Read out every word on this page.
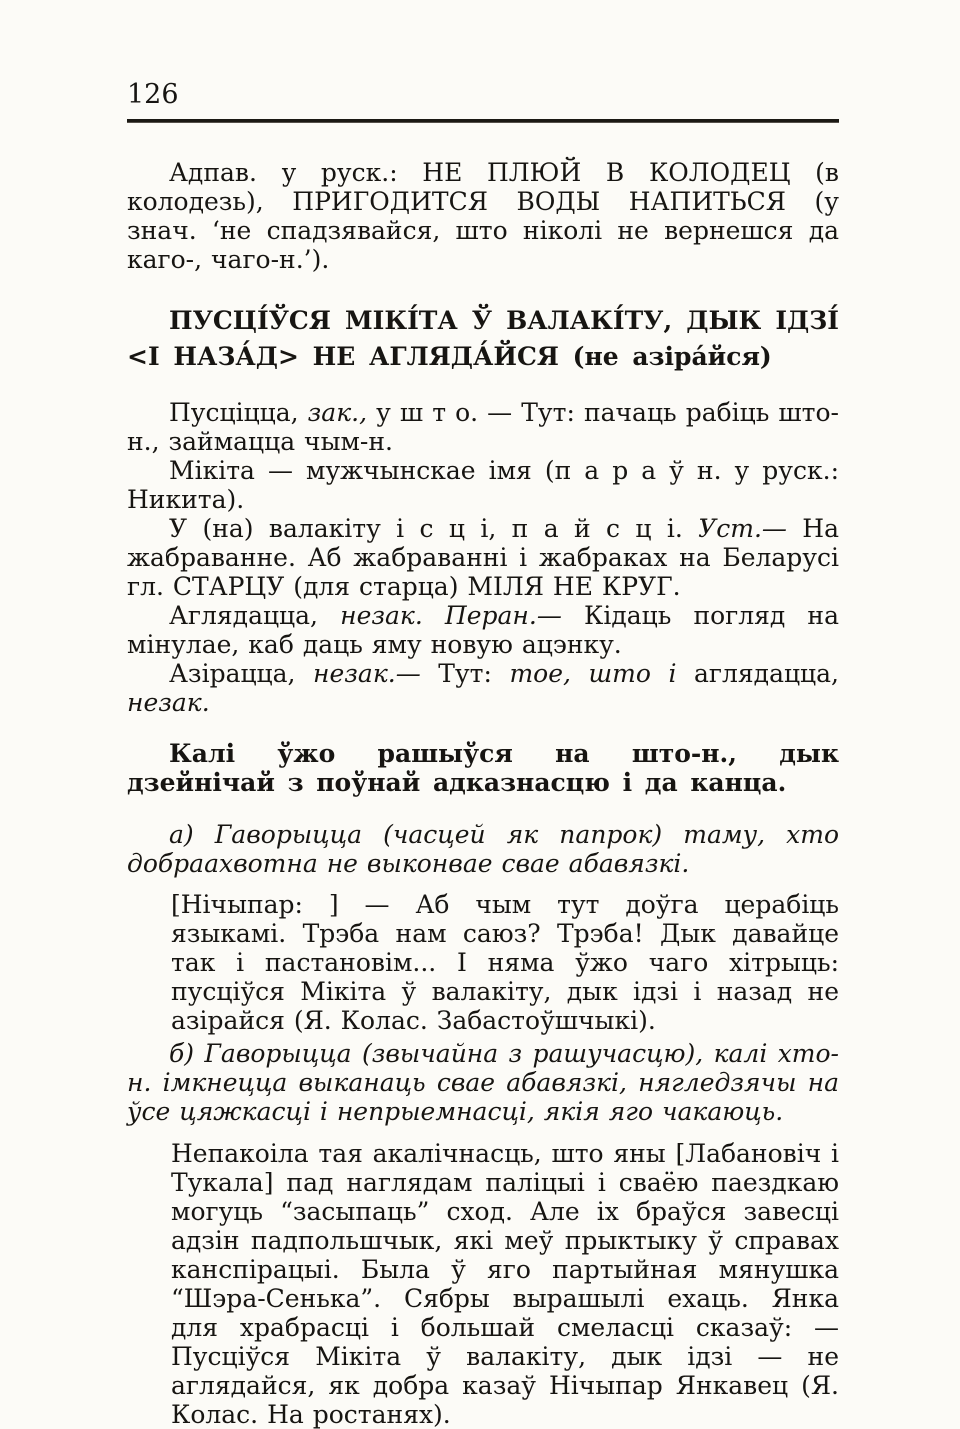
126

Адпав. у руск.: НЕ ПЛЮЙ В КОЛОДЕЦ (в колодезь), ПРИГОДИТСЯ ВОДЫ НАПИТЬСЯ (у знач. ‘не спадзявайся, што ніколі не вернешся да каго-, чаго-н.’).

ПУСЦІ́ЎСЯ МІКІ́ТА Ў ВАЛАКІ́ТУ, ДЫК ІДЗІ́ <І НАЗА́Д> НЕ АГЛЯДА́ЙСЯ (не азіра́йся)

Пусціцца, зак., у ш т о. — Тут: пачаць рабіць што-н., займацца чым-н.

Мікіта — мужчынскае імя (п а р а ў н. у руск.: Никита).

У (на) валакіту і с ц і, п а й с ц і. Уст.— На жабраванне. Аб жабраванні і жабраках на Беларусі гл. СТАРЦУ (для старца) МІЛЯ НЕ КРУГ.

Аглядацца, незак. Перан.— Кідаць погляд на мінулае, каб даць яму новую ацэнку.

Азірацца, незак.— Тут: тое, што і аглядацца, незак.

Калі ўжо рашыўся на што-н., дык дзейнічай з поўнай адказнасцю і да канца.

а) Гаворыцца (часцей як папрок) таму, хто добраахвотна не выконвае свае абавязкі.

[Нічыпар: ] — Аб чым тут доўга церабіць языкамі. Трэба нам саюз? Трэба! Дык давайце так і пастановім... І няма ўжо чаго хітрыць: пусціўся Мікіта ў валакіту, дык ідзі і назад не азірайся (Я. Колас. Забастоўшчыкі).

б) Гаворыцца (звычайна з рашучасцю), калі хто-н. імкнецца выканаць свае абавязкі, нягледзячы на ўсе цяжкасці і непрыемнасці, якія яго чакаюць.

Непакоіла тая акалічнасць, што яны [Лабановіч і Тукала] пад наглядам паліцыі і сваёю паездкаю могуць “засыпаць” сход. Але іх браўся завесці адзін падпольшчык, які меў прыктыку ў справах канспірацыі. Была ў яго партыйная мянушка “Шэра-Сенька”. Сябры вырашылі ехаць. Янка для храбрасці і большай смеласці сказаў: — Пусціўся Мікіта ў валакіту, дык ідзі — не аглядайся, як добра казаў Нічыпар Янкавец (Я. Колас. На ростанях).
